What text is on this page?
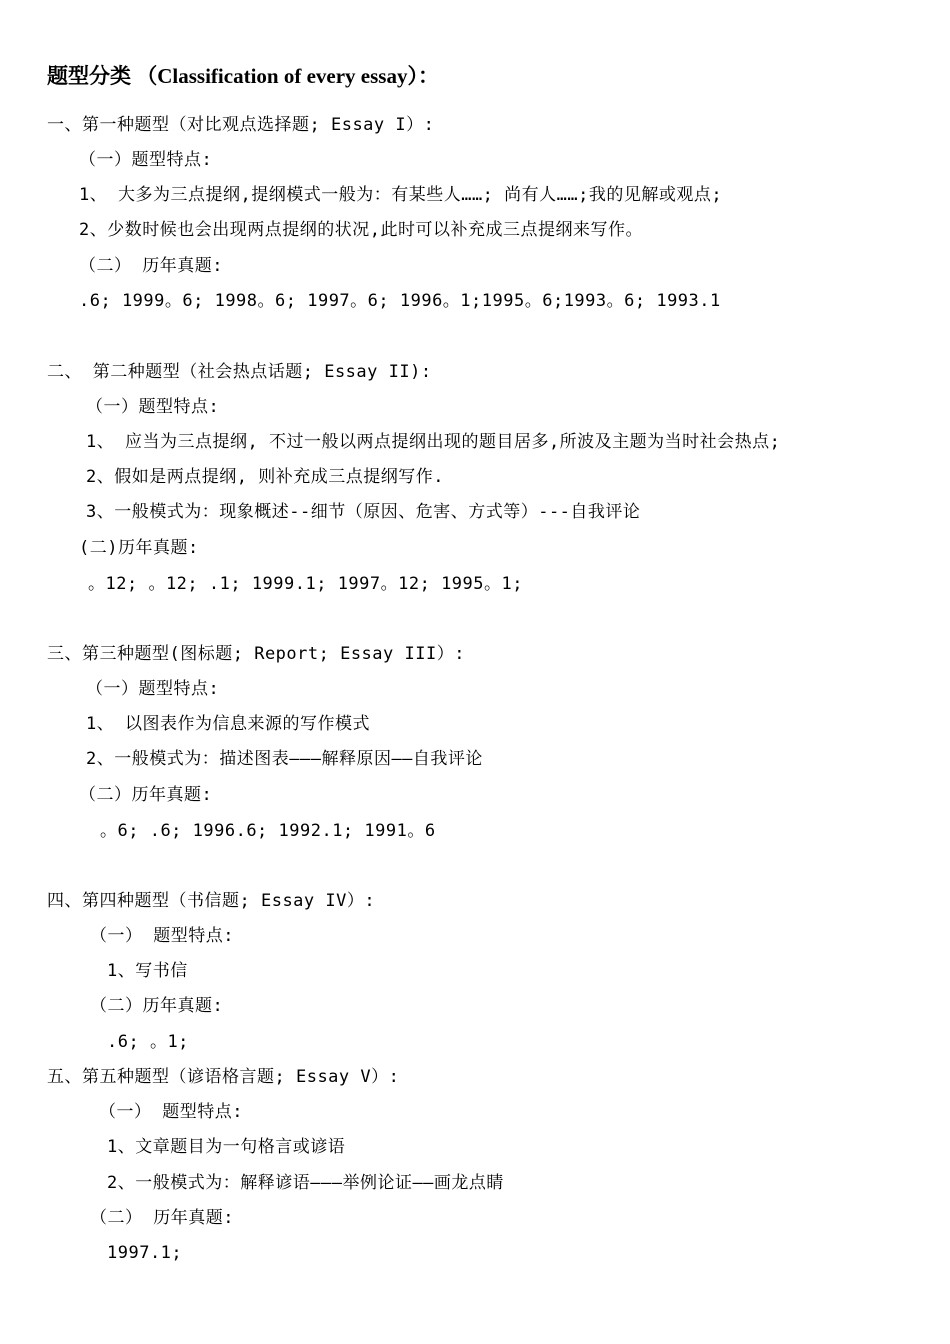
题型分类 （Classification of every essay）：
一、第一种题型（对比观点选择题; Essay I）:
（一）题型特点:
1、 大多为三点提纲,提纲模式一般为：有某些人……; 尚有人……;我的见解或观点;
2、少数时候也会出现两点提纲的状况,此时可以补充成三点提纲来写作。
（二） 历年真题:
.6; 1999。6; 1998。6; 1997。6; 1996。1;1995。6;1993。6; 1993.1
二、 第二种题型（社会热点话题; Essay II):
（一）题型特点:
1、 应当为三点提纲, 不过一般以两点提纲出现的题目居多,所波及主题为当时社会热点;
2、假如是两点提纲, 则补充成三点提纲写作.
3、一般模式为：现象概述--细节（原因、危害、方式等）---自我评论
(二)历年真题:
。12; 。12; .1; 1999.1; 1997。12; 1995。1;
三、第三种题型(图标题; Report; Essay III）:
（一）题型特点:
1、 以图表作为信息来源的写作模式
2、一般模式为：描述图表———解释原因——自我评论
（二）历年真题:
。6; .6; 1996.6; 1992.1; 1991。6
四、第四种题型（书信题; Essay IV）:
（一） 题型特点:
1、写书信
（二）历年真题:
.6; 。1;
五、第五种题型（谚语格言题; Essay V）:
（一） 题型特点:
1、文章题目为一句格言或谚语
2、一般模式为：解释谚语———举例论证——画龙点睛
（二） 历年真题:
1997.1;
